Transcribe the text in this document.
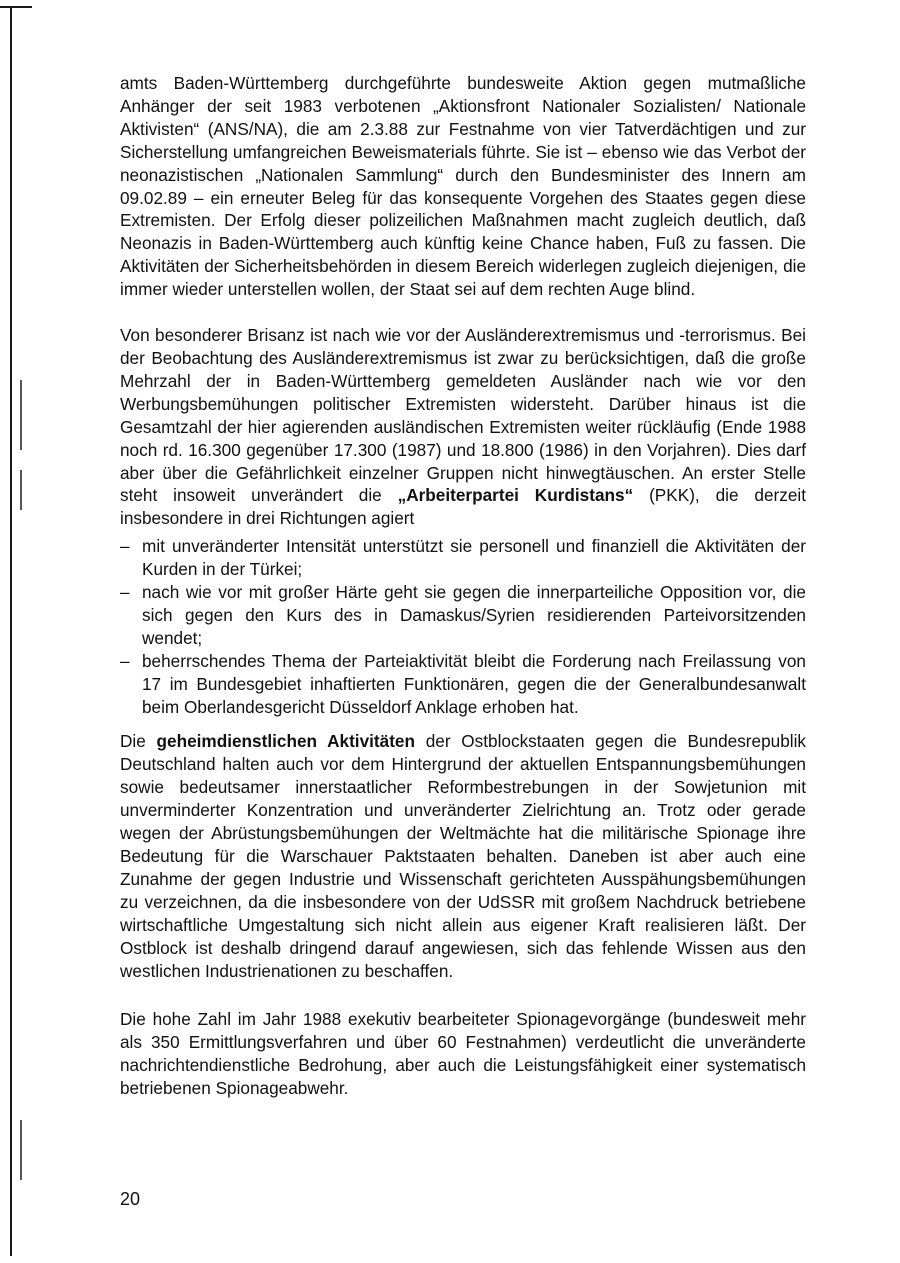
amts Baden-Württemberg durchgeführte bundesweite Aktion gegen mutmaßliche Anhänger der seit 1983 verbotenen „Aktionsfront Nationaler Sozialisten/ Nationale Aktivisten“ (ANS/NA), die am 2.3.88 zur Festnahme von vier Tatverdächtigen und zur Sicherstellung umfangreichen Beweismaterials führte. Sie ist – ebenso wie das Verbot der neonazistischen „Nationalen Sammlung“ durch den Bundesminister des Innern am 09.02.89 – ein erneuter Beleg für das konsequente Vorgehen des Staates gegen diese Extremisten. Der Erfolg dieser polizeilichen Maßnahmen macht zugleich deutlich, daß Neonazis in Baden-Württemberg auch künftig keine Chance haben, Fuß zu fassen. Die Aktivitäten der Sicherheitsbehörden in diesem Bereich widerlegen zugleich diejenigen, die immer wieder unterstellen wollen, der Staat sei auf dem rechten Auge blind.

Von besonderer Brisanz ist nach wie vor der Ausländerextremismus und -terrorismus. Bei der Beobachtung des Ausländerextremismus ist zwar zu berücksichtigen, daß die große Mehrzahl der in Baden-Württemberg gemeldeten Ausländer nach wie vor den Werbungsbemühungen politischer Extremisten widersteht. Darüber hinaus ist die Gesamtzahl der hier agierenden ausländischen Extremisten weiter rückläufig (Ende 1988 noch rd. 16.300 gegenüber 17.300 (1987) und 18.800 (1986) in den Vorjahren). Dies darf aber über die Gefährlichkeit einzelner Gruppen nicht hinwegtäuschen. An erster Stelle steht insoweit unverändert die „Arbeiterpartei Kurdistans“ (PKK), die derzeit insbesondere in drei Richtungen agiert

– mit unveränderter Intensität unterstützt sie personell und finanziell die Aktivitäten der Kurden in der Türkei;
– nach wie vor mit großer Härte geht sie gegen die innerparteiliche Opposition vor, die sich gegen den Kurs des in Damaskus/Syrien residierenden Parteivorsitzenden wendet;
– beherrschendes Thema der Parteiaktivität bleibt die Forderung nach Freilassung von 17 im Bundesgebiet inhaftierten Funktionären, gegen die der Generalbundesanwalt beim Oberlandesgericht Düsseldorf Anklage erhoben hat.

Die geheimdienstlichen Aktivitäten der Ostblockstaaten gegen die Bundesrepublik Deutschland halten auch vor dem Hintergrund der aktuellen Entspannungsbemühungen sowie bedeutsamer innerstaatlicher Reformbestrebungen in der Sowjetunion mit unverminderter Konzentration und unveränderter Zielrichtung an. Trotz oder gerade wegen der Abrüstungsbemühungen der Weltmächte hat die militärische Spionage ihre Bedeutung für die Warschauer Paktstaaten behalten. Daneben ist aber auch eine Zunahme der gegen Industrie und Wissenschaft gerichteten Ausspähungsbemühungen zu verzeichnen, da die insbesondere von der UdSSR mit großem Nachdruck betriebene wirtschaftliche Umgestaltung sich nicht allein aus eigener Kraft realisieren läßt. Der Ostblock ist deshalb dringend darauf angewiesen, sich das fehlende Wissen aus den westlichen Industrienationen zu beschaffen.

Die hohe Zahl im Jahr 1988 exekutiv bearbeiteter Spionagevorgänge (bundesweit mehr als 350 Ermittlungsverfahren und über 60 Festnahmen) verdeutlicht die unveränderte nachrichtendienstliche Bedrohung, aber auch die Leistungsfähigkeit einer systematisch betriebenen Spionageabwehr.

20
